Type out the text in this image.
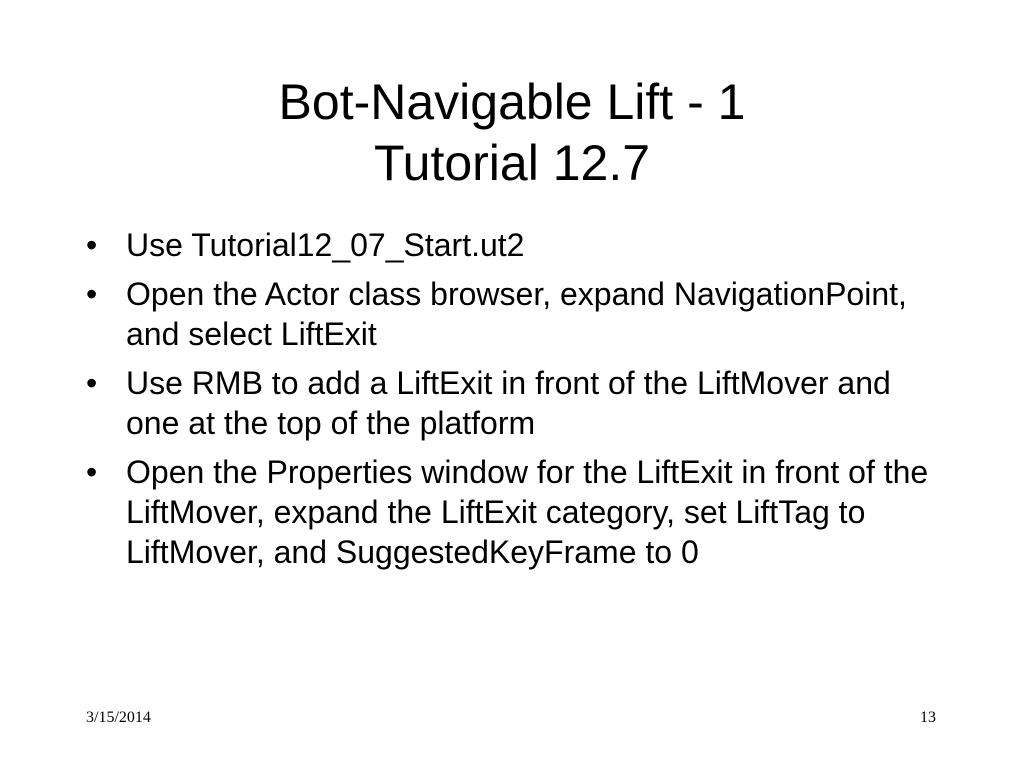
Bot-Navigable Lift - 1
Tutorial 12.7
• Use Tutorial12_07_Start.ut2
• Open the Actor class browser, expand NavigationPoint, and select LiftExit
• Use RMB to add a LiftExit in front of the LiftMover and one at the top of the platform
• Open the Properties window for the LiftExit in front of the LiftMover, expand the LiftExit category, set LiftTag to LiftMover, and SuggestedKeyFrame to 0
3/15/2014	13
